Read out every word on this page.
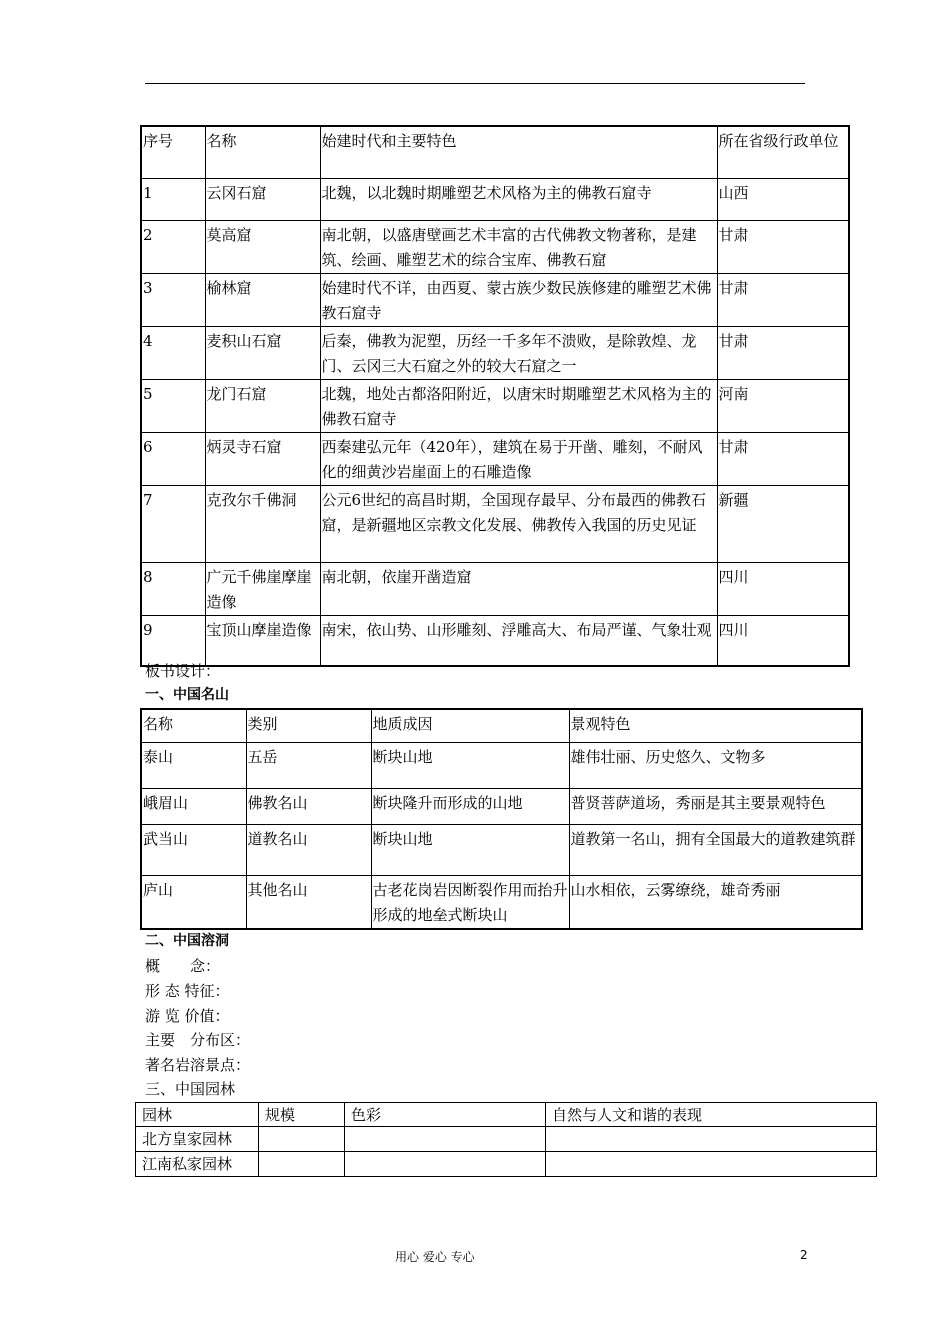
序号	名称	始建时代和主要特色	所在省级行政单位
1	云冈石窟	北魏，以北魏时期雕塑艺术风格为主的佛教石窟寺	山西
2	莫高窟	南北朝，以盛唐壁画艺术丰富的古代佛教文物著称，是建筑、绘画、雕塑艺术的综合宝库、佛教石窟	甘肃
3	榆林窟	始建时代不详，由西夏、蒙古族少数民族修建的雕塑艺术佛教石窟寺	甘肃
4	麦积山石窟	后秦，佛教为泥塑，历经一千多年不溃败，是除敦煌、龙门、云冈三大石窟之外的较大石窟之一	甘肃
5	龙门石窟	北魏，地处古都洛阳附近，以唐宋时期雕塑艺术风格为主的佛教石窟寺	河南
6	炳灵寺石窟	西秦建弘元年（420年），建筑在易于开凿、雕刻，不耐风化的细黄沙岩崖面上的石雕造像	甘肃
7	克孜尔千佛洞	公元6世纪的高昌时期，全国现存最早、分布最西的佛教石窟，是新疆地区宗教文化发展、佛教传入我国的历史见证	新疆
8	广元千佛崖摩崖造像	南北朝，依崖开凿造窟	四川
9	宝顶山摩崖造像	南宋，依山势、山形雕刻、浮雕高大、布局严谨、气象壮观	四川
板书设计：
一、中国名山
名称	类别	地质成因	景观特色
泰山	五岳	断块山地	雄伟壮丽、历史悠久、文物多
峨眉山	佛教名山	断块隆升而形成的山地	普贤菩萨道场，秀丽是其主要景观特色
武当山	道教名山	断块山地	道教第一名山，拥有全国最大的道教建筑群
庐山	其他名山	古老花岗岩因断裂作用而抬升形成的地垒式断块山	山水相依，云雾缭绕，雄奇秀丽
二、中国溶洞
概　　念：
形 态 特征：
游 览 价值：
主要　分布区：
著名岩溶景点：
三、中国园林
园林	规模	色彩	自然与人文和谐的表现
北方皇家园林			
江南私家园林			
用心 爱心 专心	2
